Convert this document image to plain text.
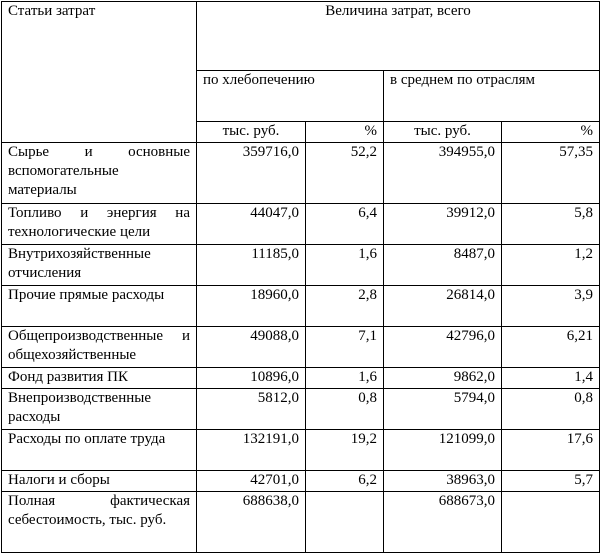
Статьи затрат	Величина затрат, всего			
	по хлебопечению		в среднем по отраслям	
	тыс. руб.	%	тыс. руб.	%
Сырье и основные вспомогательные материалы	359716,0	52,2	394955,0	57,35
Топливо и энергия на технологические цели	44047,0	6,4	39912,0	5,8
Внутрихозяйственные отчисления	11185,0	1,6	8487,0	1,2
Прочие прямые расходы	18960,0	2,8	26814,0	3,9
Общепроизводственные и общехозяйственные	49088,0	7,1	42796,0	6,21
Фонд развития ПК	10896,0	1,6	9862,0	1,4
Внепроизводственные расходы	5812,0	0,8	5794,0	0,8
Расходы по оплате труда	132191,0	19,2	121099,0	17,6
Налоги и сборы	42701,0	6,2	38963,0	5,7
Полная фактическая себестоимость, тыс. руб.	688638,0		688673,0	
